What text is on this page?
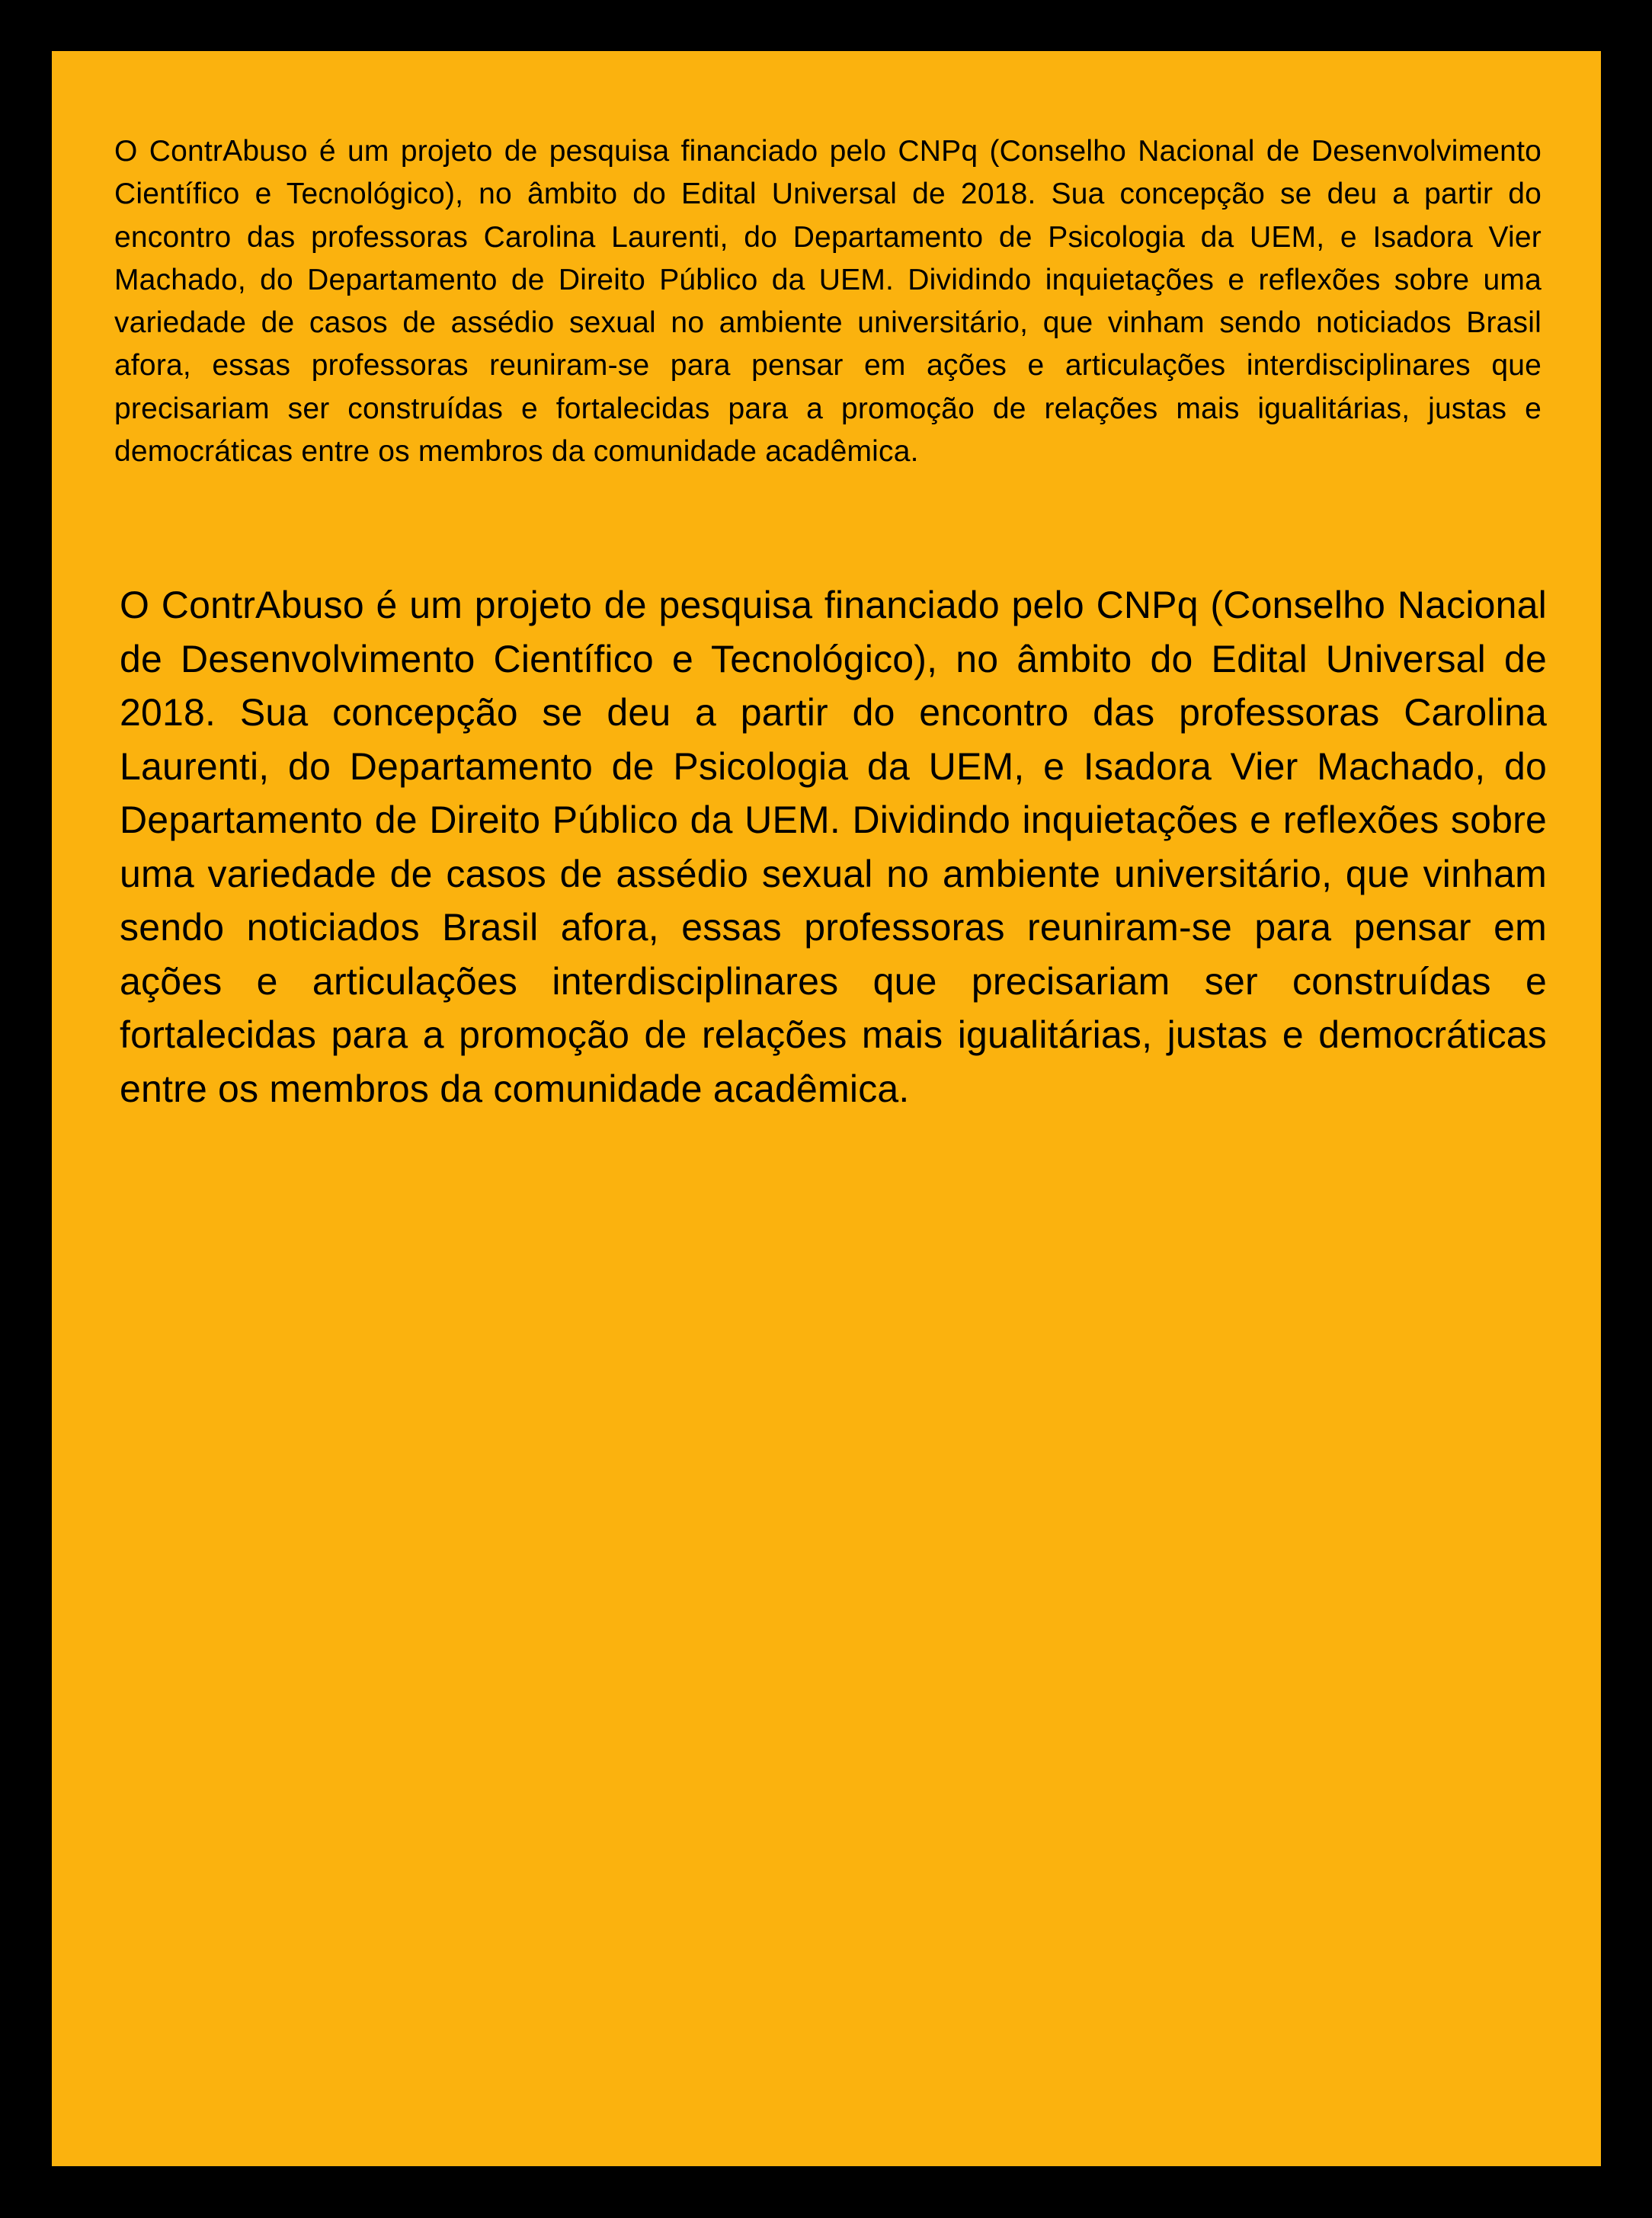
O ContrAbuso é um projeto de pesquisa financiado pelo CNPq (Conselho Nacional de Desenvolvimento Científico e Tecnológico), no âmbito do Edital Universal de 2018. Sua concepção se deu a partir do encontro das professoras Carolina Laurenti, do Departamento de Psicologia da UEM, e Isadora Vier Machado, do Departamento de Direito Público da UEM. Dividindo inquietações e reflexões sobre uma variedade de casos de assédio sexual no ambiente universitário, que vinham sendo noticiados Brasil afora, essas professoras reuniram-se para pensar em ações e articulações interdisciplinares que precisariam ser construídas e fortalecidas para a promoção de relações mais igualitárias, justas e democráticas entre os membros da comunidade acadêmica.

O ContrAbuso é um projeto de pesquisa financiado pelo CNPq (Conselho Nacional de Desenvolvimento Científico e Tecnológico), no âmbito do Edital Universal de 2018. Sua concepção se deu a partir do encontro das professoras Carolina Laurenti, do Departamento de Psicologia da UEM, e Isadora Vier Machado, do Departamento de Direito Público da UEM. Dividindo inquietações e reflexões sobre uma variedade de casos de assédio sexual no ambiente universitário, que vinham sendo noticiados Brasil afora, essas professoras reuniram-se para pensar em ações e articulações interdisciplinares que precisariam ser construídas e fortalecidas para a promoção de relações mais igualitárias, justas e democráticas entre os membros da comunidade acadêmica.
